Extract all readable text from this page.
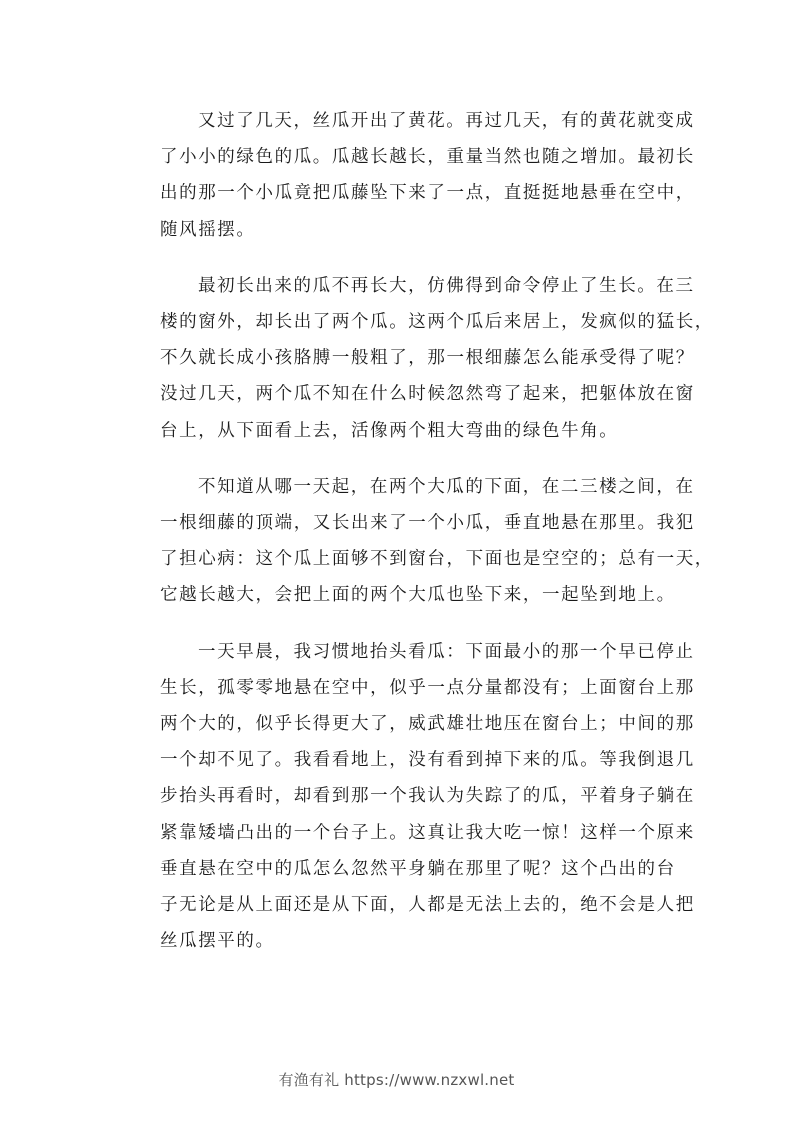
又过了几天，丝瓜开出了黄花。再过几天，有的黄花就变成
了小小的绿色的瓜。瓜越长越长，重量当然也随之增加。最初长
出的那一个小瓜竟把瓜藤坠下来了一点，直挺挺地悬垂在空中，
随风摇摆。

最初长出来的瓜不再长大，仿佛得到命令停止了生长。在三
楼的窗外，却长出了两个瓜。这两个瓜后来居上，发疯似的猛长，
不久就长成小孩胳膊一般粗了，那一根细藤怎么能承受得了呢？
没过几天，两个瓜不知在什么时候忽然弯了起来，把躯体放在窗
台上，从下面看上去，活像两个粗大弯曲的绿色牛角。

不知道从哪一天起，在两个大瓜的下面，在二三楼之间，在
一根细藤的顶端，又长出来了一个小瓜，垂直地悬在那里。我犯
了担心病：这个瓜上面够不到窗台，下面也是空空的；总有一天，
它越长越大，会把上面的两个大瓜也坠下来，一起坠到地上。

一天早晨，我习惯地抬头看瓜：下面最小的那一个早已停止
生长，孤零零地悬在空中，似乎一点分量都没有；上面窗台上那
两个大的，似乎长得更大了，威武雄壮地压在窗台上；中间的那
一个却不见了。我看看地上，没有看到掉下来的瓜。等我倒退几
步抬头再看时，却看到那一个我认为失踪了的瓜，平着身子躺在
紧靠矮墙凸出的一个台子上。这真让我大吃一惊！这样一个原来
垂直悬在空中的瓜怎么忽然平身躺在那里了呢？这个凸出的台
子无论是从上面还是从下面，人都是无法上去的，绝不会是人把
丝瓜摆平的。

有渔有礼 https://www.nzxwl.net
